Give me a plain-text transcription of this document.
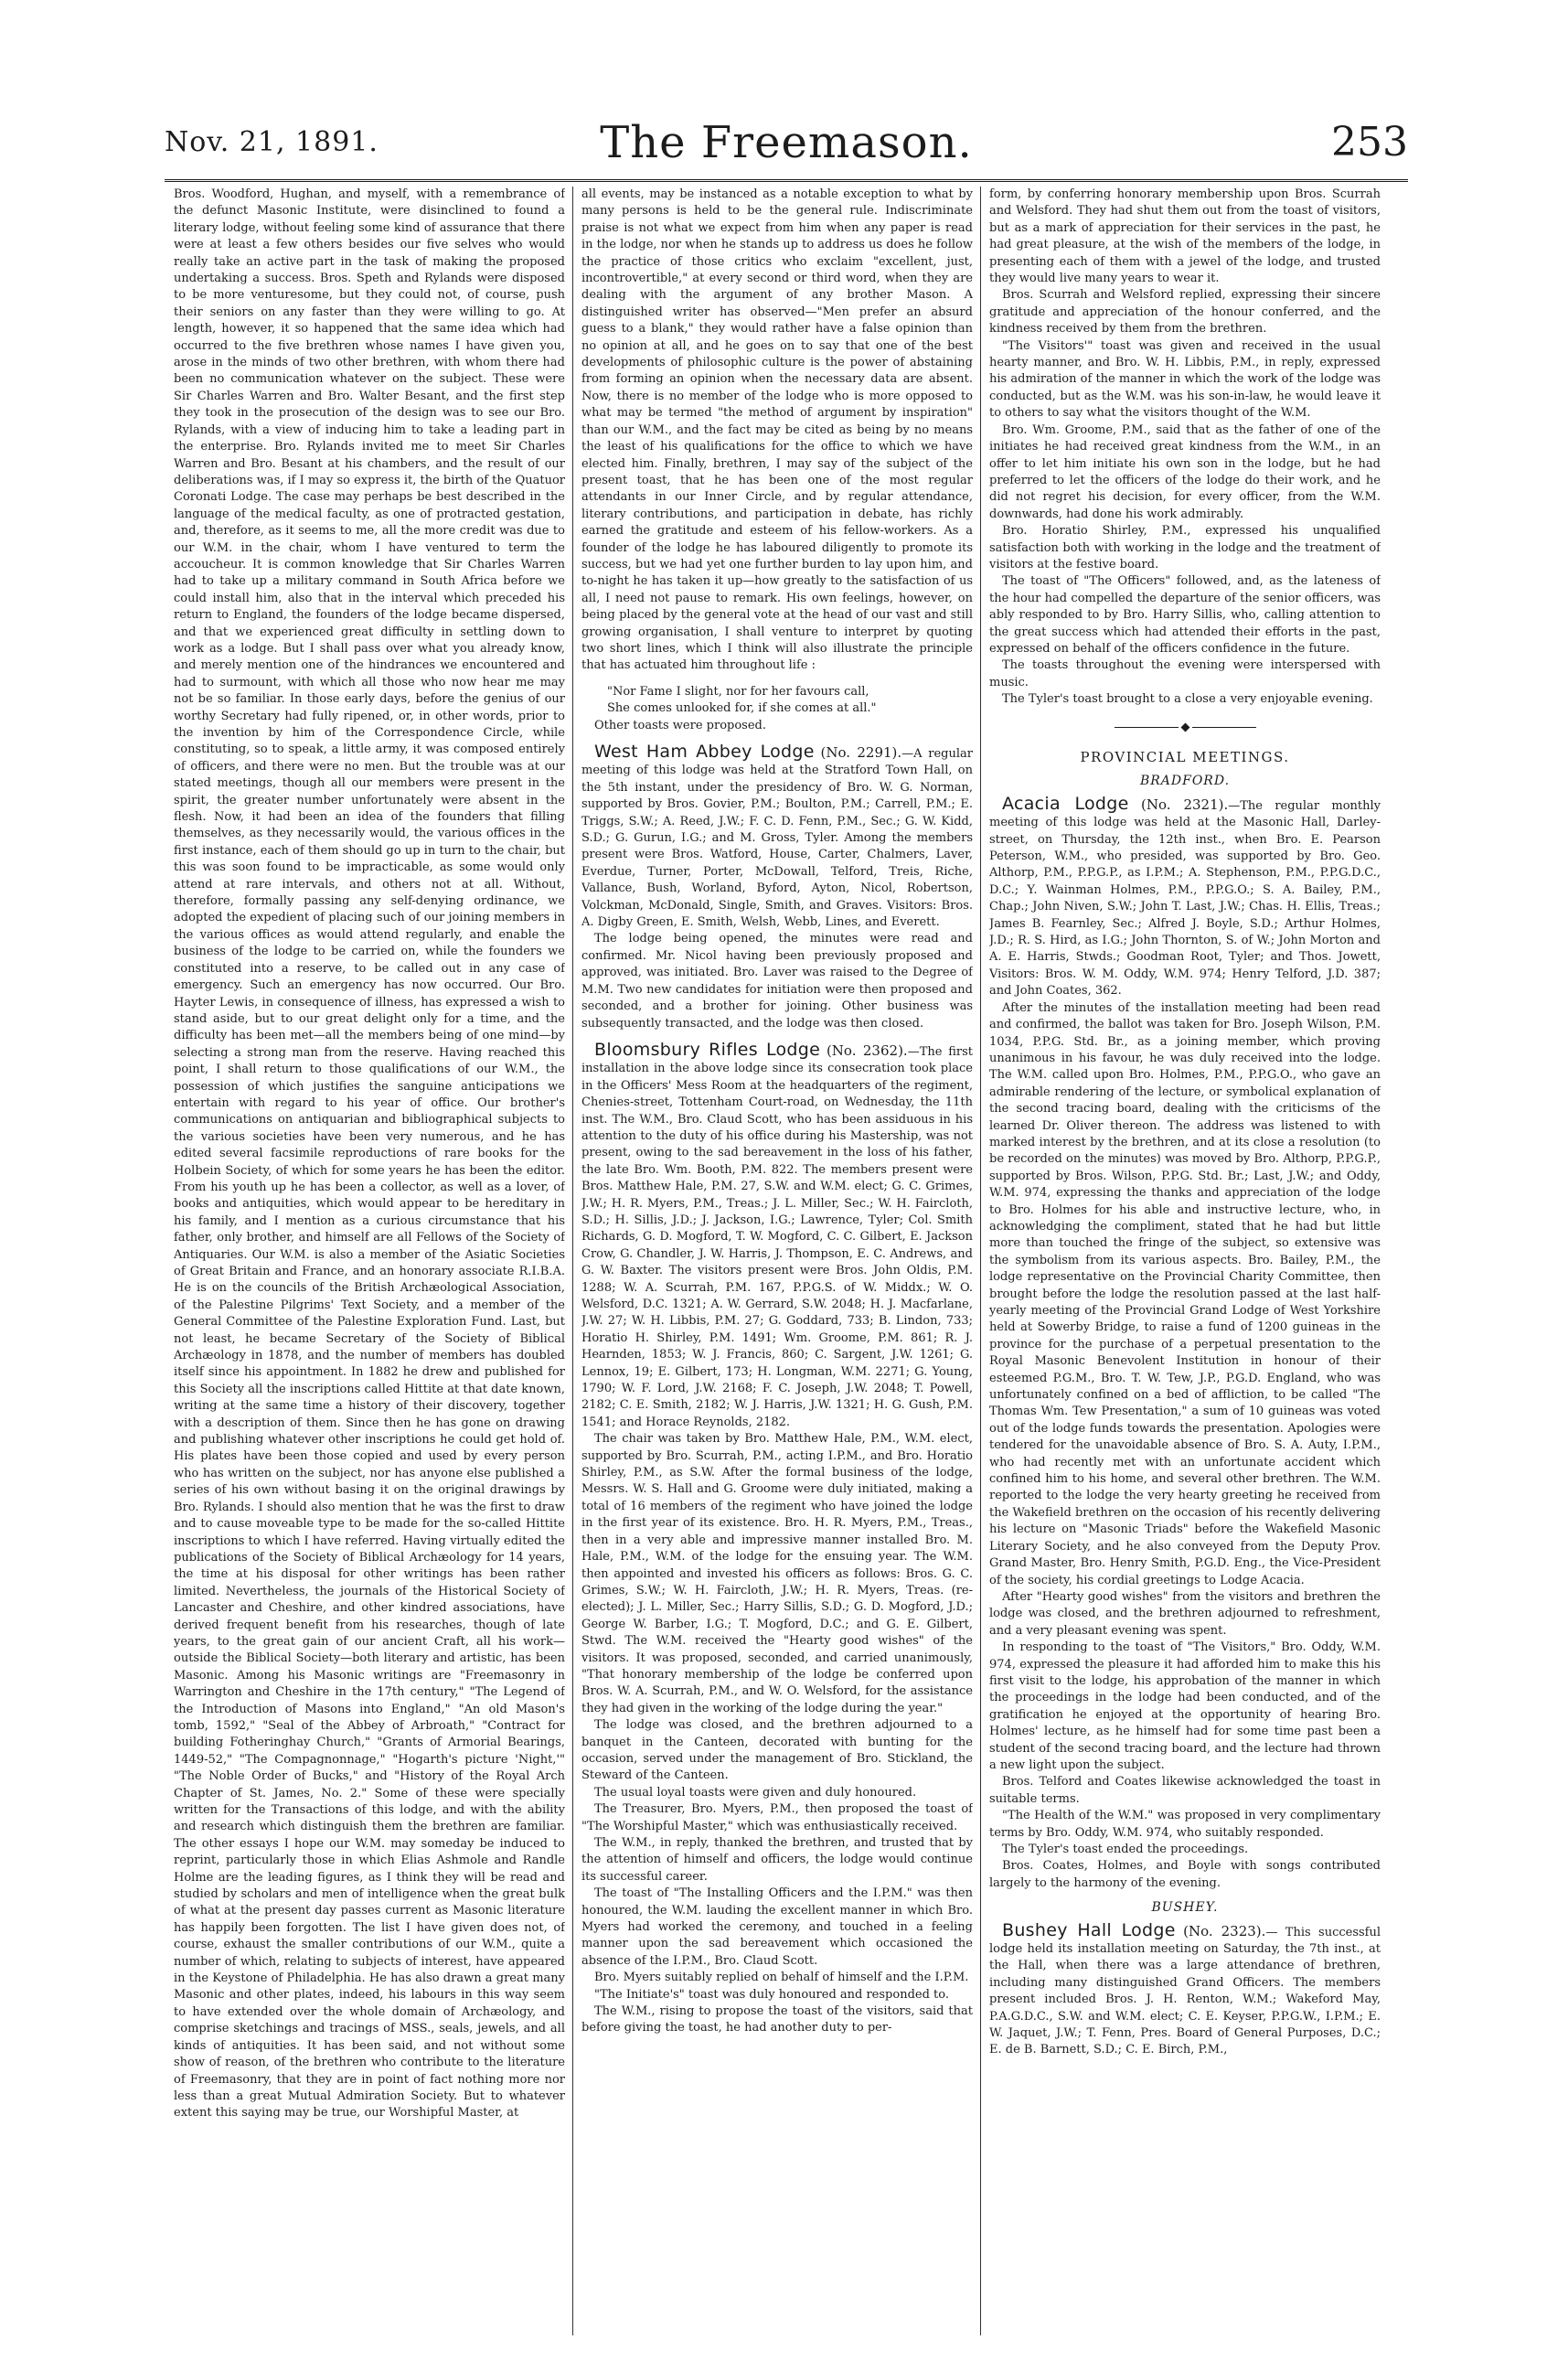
Nov. 21, 1891.	The Freemason.	253

Bros. Woodford, Hughan, and myself, with a remembrance of the defunct Masonic Institute, were disinclined to found a literary lodge, without feeling some kind of assurance that there were at least a few others besides our five selves who would really take an active part in the task of making the proposed undertaking a success. Bros. Speth and Rylands were disposed to be more venturesome, but they could not, of course, push their seniors on any faster than they were willing to go. At length, however, it so happened that the same idea which had occurred to the five brethren whose names I have given you, arose in the minds of two other brethren, with whom there had been no communication whatever on the subject. These were Sir Charles Warren and Bro. Walter Besant, and the first step they took in the prosecution of the design was to see our Bro. Rylands, with a view of inducing him to take a leading part in the enterprise. Bro. Rylands invited me to meet Sir Charles Warren and Bro. Besant at his chambers, and the result of our deliberations was, if I may so express it, the birth of the Quatuor Coronati Lodge. The case may perhaps be best described in the language of the medical faculty, as one of protracted gestation, and, therefore, as it seems to me, all the more credit was due to our W.M. in the chair, whom I have ventured to term the accoucheur. It is common knowledge that Sir Charles Warren had to take up a military command in South Africa before we could install him, also that in the interval which preceded his return to England, the founders of the lodge became dispersed, and that we experienced great difficulty in settling down to work as a lodge. But I shall pass over what you already know, and merely mention one of the hindrances we encountered and had to surmount, with which all those who now hear me may not be so familiar. In those early days, before the genius of our worthy Secretary had fully ripened, or, in other words, prior to the invention by him of the Correspondence Circle, while constituting, so to speak, a little army, it was composed entirely of officers, and there were no men. But the trouble was at our stated meetings, though all our members were present in the spirit, the greater number unfortunately were absent in the flesh. Now, it had been an idea of the founders that filling themselves, as they necessarily would, the various offices in the first instance, each of them should go up in turn to the chair, but this was soon found to be impracticable, as some would only attend at rare intervals, and others not at all. Without, therefore, formally passing any self-denying ordinance, we adopted the expedient of placing such of our joining members in the various offices as would attend regularly, and enable the business of the lodge to be carried on, while the founders we constituted into a reserve, to be called out in any case of emergency. Such an emergency has now occurred. Our Bro. Hayter Lewis, in consequence of illness, has expressed a wish to stand aside, but to our great delight only for a time, and the difficulty has been met—all the members being of one mind—by selecting a strong man from the reserve. Having reached this point, I shall return to those qualifications of our W.M., the possession of which justifies the sanguine anticipations we entertain with regard to his year of office. Our brother's communications on antiquarian and bibliographical subjects to the various societies have been very numerous, and he has edited several facsimile reproductions of rare books for the Holbein Society, of which for some years he has been the editor. From his youth up he has been a collector, as well as a lover, of books and antiquities, which would appear to be hereditary in his family, and I mention as a curious circumstance that his father, only brother, and himself are all Fellows of the Society of Antiquaries. Our W.M. is also a member of the Asiatic Societies of Great Britain and France, and an honorary associate R.I.B.A. He is on the councils of the British Archæological Association, of the Palestine Pilgrims' Text Society, and a member of the General Committee of the Palestine Exploration Fund. Last, but not least, he became Secretary of the Society of Biblical Archæology in 1878, and the number of members has doubled itself since his appointment. In 1882 he drew and published for this Society all the inscriptions called Hittite at that date known, writing at the same time a history of their discovery, together with a description of them. Since then he has gone on drawing and publishing whatever other inscriptions he could get hold of. His plates have been those copied and used by every person who has written on the subject, nor has anyone else published a series of his own without basing it on the original drawings by Bro. Rylands. I should also mention that he was the first to draw and to cause moveable type to be made for the so-called Hittite inscriptions to which I have referred. Having virtually edited the publications of the Society of Biblical Archæology for 14 years, the time at his disposal for other writings has been rather limited. Nevertheless, the journals of the Historical Society of Lancaster and Cheshire, and other kindred associations, have derived frequent benefit from his researches, though of late years, to the great gain of our ancient Craft, all his work—outside the Biblical Society—both literary and artistic, has been Masonic. Among his Masonic writings are "Freemasonry in Warrington and Cheshire in the 17th century," "The Legend of the Introduction of Masons into England," "An old Mason's tomb, 1592," "Seal of the Abbey of Arbroath," "Contract for building Fotheringhay Church," "Grants of Armorial Bearings, 1449-52," "The Compagnonnage," "Hogarth's picture 'Night,'" "The Noble Order of Bucks," and "History of the Royal Arch Chapter of St. James, No. 2." Some of these were specially written for the Transactions of this lodge, and with the ability and research which distinguish them the brethren are familiar. The other essays I hope our W.M. may someday be induced to reprint, particularly those in which Elias Ashmole and Randle Holme are the leading figures, as I think they will be read and studied by scholars and men of intelligence when the great bulk of what at the present day passes current as Masonic literature has happily been forgotten. The list I have given does not, of course, exhaust the smaller contributions of our W.M., quite a number of which, relating to subjects of interest, have appeared in the Keystone of Philadelphia. He has also drawn a great many Masonic and other plates, indeed, his labours in this way seem to have extended over the whole domain of Archæology, and comprise sketchings and tracings of MSS., seals, jewels, and all kinds of antiquities. It has been said, and not without some show of reason, of the brethren who contribute to the literature of Freemasonry, that they are in point of fact nothing more nor less than a great Mutual Admiration Society. But to whatever extent this saying may be true, our Worshipful Master, at

all events, may be instanced as a notable exception to what by many persons is held to be the general rule. Indiscriminate praise is not what we expect from him when any paper is read in the lodge, nor when he stands up to address us does he follow the practice of those critics who exclaim "excellent, just, incontrovertible," at every second or third word, when they are dealing with the argument of any brother Mason. A distinguished writer has observed—"Men prefer an absurd guess to a blank," they would rather have a false opinion than no opinion at all, and he goes on to say that one of the best developments of philosophic culture is the power of abstaining from forming an opinion when the necessary data are absent. Now, there is no member of the lodge who is more opposed to what may be termed "the method of argument by inspiration" than our W.M., and the fact may be cited as being by no means the least of his qualifications for the office to which we have elected him. Finally, brethren, I may say of the subject of the present toast, that he has been one of the most regular attendants in our Inner Circle, and by regular attendance, literary contributions, and participation in debate, has richly earned the gratitude and esteem of his fellow-workers. As a founder of the lodge he has laboured diligently to promote its success, but we had yet one further burden to lay upon him, and to-night he has taken it up—how greatly to the satisfaction of us all, I need not pause to remark. His own feelings, however, on being placed by the general vote at the head of our vast and still growing organisation, I shall venture to interpret by quoting two short lines, which I think will also illustrate the principle that has actuated him throughout life :

"Nor Fame I slight, nor for her favours call,

She comes unlooked for, if she comes at all."

Other toasts were proposed.

West Ham Abbey Lodge (No. 2291).—A regular meeting of this lodge was held at the Stratford Town Hall, on the 5th instant, under the presidency of Bro. W. G. Norman, supported by Bros. Govier, P.M.; Boulton, P.M.; Carrell, P.M.; E. Triggs, S.W.; A. Reed, J.W.; F. C. D. Fenn, P.M., Sec.; G. W. Kidd, S.D.; G. Gurun, I.G.; and M. Gross, Tyler. Among the members present were Bros. Watford, House, Carter, Chalmers, Laver, Everdue, Turner, Porter, McDowall, Telford, Treis, Riche, Vallance, Bush, Worland, Byford, Ayton, Nicol, Robertson, Volckman, McDonald, Single, Smith, and Graves. Visitors: Bros. A. Digby Green, E. Smith, Welsh, Webb, Lines, and Everett.

The lodge being opened, the minutes were read and confirmed. Mr. Nicol having been previously proposed and approved, was initiated. Bro. Laver was raised to the Degree of M.M. Two new candidates for initiation were then proposed and seconded, and a brother for joining. Other business was subsequently transacted, and the lodge was then closed.

Bloomsbury Rifles Lodge (No. 2362).—The first installation in the above lodge since its consecration took place in the Officers' Mess Room at the headquarters of the regiment, Chenies-street, Tottenham Court-road, on Wednesday, the 11th inst. The W.M., Bro. Claud Scott, who has been assiduous in his attention to the duty of his office during his Mastership, was not present, owing to the sad bereavement in the loss of his father, the late Bro. Wm. Booth, P.M. 822. The members present were Bros. Matthew Hale, P.M. 27, S.W. and W.M. elect; G. C. Grimes, J.W.; H. R. Myers, P.M., Treas.; J. L. Miller, Sec.; W. H. Faircloth, S.D.; H. Sillis, J.D.; J. Jackson, I.G.; Lawrence, Tyler; Col. Smith Richards, G. D. Mogford, T. W. Mogford, C. C. Gilbert, E. Jackson Crow, G. Chandler, J. W. Harris, J. Thompson, E. C. Andrews, and G. W. Baxter. The visitors present were Bros. John Oldis, P.M. 1288; W. A. Scurrah, P.M. 167, P.P.G.S. of W. Middx.; W. O. Welsford, D.C. 1321; A. W. Gerrard, S.W. 2048; H. J. Macfarlane, J.W. 27; W. H. Libbis, P.M. 27; G. Goddard, 733; B. Lindon, 733; Horatio H. Shirley, P.M. 1491; Wm. Groome, P.M. 861; R. J. Hearnden, 1853; W. J. Francis, 860; C. Sargent, J.W. 1261; G. Lennox, 19; E. Gilbert, 173; H. Longman, W.M. 2271; G. Young, 1790; W. F. Lord, J.W. 2168; F. C. Joseph, J.W. 2048; T. Powell, 2182; C. E. Smith, 2182; W. J. Harris, J.W. 1321; H. G. Gush, P.M. 1541; and Horace Reynolds, 2182.

The chair was taken by Bro. Matthew Hale, P.M., W.M. elect, supported by Bro. Scurrah, P.M., acting I.P.M., and Bro. Horatio Shirley, P.M., as S.W. After the formal business of the lodge, Messrs. W. S. Hall and G. Groome were duly initiated, making a total of 16 members of the regiment who have joined the lodge in the first year of its existence. Bro. H. R. Myers, P.M., Treas., then in a very able and impressive manner installed Bro. M. Hale, P.M., W.M. of the lodge for the ensuing year. The W.M. then appointed and invested his officers as follows: Bros. G. C. Grimes, S.W.; W. H. Faircloth, J.W.; H. R. Myers, Treas. (re-elected); J. L. Miller, Sec.; Harry Sillis, S.D.; G. D. Mogford, J.D.; George W. Barber, I.G.; T. Mogford, D.C.; and G. E. Gilbert, Stwd. The W.M. received the "Hearty good wishes" of the visitors. It was proposed, seconded, and carried unanimously, "That honorary membership of the lodge be conferred upon Bros. W. A. Scurrah, P.M., and W. O. Welsford, for the assistance they had given in the working of the lodge during the year."

The lodge was closed, and the brethren adjourned to a banquet in the Canteen, decorated with bunting for the occasion, served under the management of Bro. Stickland, the Steward of the Canteen.

The usual loyal toasts were given and duly honoured.

The Treasurer, Bro. Myers, P.M., then proposed the toast of "The Worshipful Master," which was enthusiastically received.

The W.M., in reply, thanked the brethren, and trusted that by the attention of himself and officers, the lodge would continue its successful career.

The toast of "The Installing Officers and the I.P.M." was then honoured, the W.M. lauding the excellent manner in which Bro. Myers had worked the ceremony, and touched in a feeling manner upon the sad bereavement which occasioned the absence of the I.P.M., Bro. Claud Scott.

Bro. Myers suitably replied on behalf of himself and the I.P.M.

"The Initiate's" toast was duly honoured and responded to.

The W.M., rising to propose the toast of the visitors, said that before giving the toast, he had another duty to per-

form, by conferring honorary membership upon Bros. Scurrah and Welsford. They had shut them out from the toast of visitors, but as a mark of appreciation for their services in the past, he had great pleasure, at the wish of the members of the lodge, in presenting each of them with a jewel of the lodge, and trusted they would live many years to wear it.

Bros. Scurrah and Welsford replied, expressing their sincere gratitude and appreciation of the honour conferred, and the kindness received by them from the brethren.

"The Visitors'" toast was given and received in the usual hearty manner, and Bro. W. H. Libbis, P.M., in reply, expressed his admiration of the manner in which the work of the lodge was conducted, but as the W.M. was his son-in-law, he would leave it to others to say what the visitors thought of the W.M.

Bro. Wm. Groome, P.M., said that as the father of one of the initiates he had received great kindness from the W.M., in an offer to let him initiate his own son in the lodge, but he had preferred to let the officers of the lodge do their work, and he did not regret his decision, for every officer, from the W.M. downwards, had done his work admirably.

Bro. Horatio Shirley, P.M., expressed his unqualified satisfaction both with working in the lodge and the treatment of visitors at the festive board.

The toast of "The Officers" followed, and, as the lateness of the hour had compelled the departure of the senior officers, was ably responded to by Bro. Harry Sillis, who, calling attention to the great success which had attended their efforts in the past, expressed on behalf of the officers confidence in the future.

The toasts throughout the evening were interspersed with music.

The Tyler's toast brought to a close a very enjoyable evening.

PROVINCIAL MEETINGS.

BRADFORD.

Acacia Lodge (No. 2321).—The regular monthly meeting of this lodge was held at the Masonic Hall, Darley-street, on Thursday, the 12th inst., when Bro. E. Pearson Peterson, W.M., who presided, was supported by Bro. Geo. Althorp, P.M., P.P.G.P., as I.P.M.; A. Stephenson, P.M., P.P.G.D.C., D.C.; Y. Wainman Holmes, P.M., P.P.G.O.; S. A. Bailey, P.M., Chap.; John Niven, S.W.; John T. Last, J.W.; Chas. H. Ellis, Treas.; James B. Fearnley, Sec.; Alfred J. Boyle, S.D.; Arthur Holmes, J.D.; R. S. Hird, as I.G.; John Thornton, S. of W.; John Morton and A. E. Harris, Stwds.; Goodman Root, Tyler; and Thos. Jowett, Visitors: Bros. W. M. Oddy, W.M. 974; Henry Telford, J.D. 387; and John Coates, 362.

After the minutes of the installation meeting had been read and confirmed, the ballot was taken for Bro. Joseph Wilson, P.M. 1034, P.P.G. Std. Br., as a joining member, which proving unanimous in his favour, he was duly received into the lodge. The W.M. called upon Bro. Holmes, P.M., P.P.G.O., who gave an admirable rendering of the lecture, or symbolical explanation of the second tracing board, dealing with the criticisms of the learned Dr. Oliver thereon. The address was listened to with marked interest by the brethren, and at its close a resolution (to be recorded on the minutes) was moved by Bro. Althorp, P.P.G.P., supported by Bros. Wilson, P.P.G. Std. Br.; Last, J.W.; and Oddy, W.M. 974, expressing the thanks and appreciation of the lodge to Bro. Holmes for his able and instructive lecture, who, in acknowledging the compliment, stated that he had but little more than touched the fringe of the subject, so extensive was the symbolism from its various aspects. Bro. Bailey, P.M., the lodge representative on the Provincial Charity Committee, then brought before the lodge the resolution passed at the last half-yearly meeting of the Provincial Grand Lodge of West Yorkshire held at Sowerby Bridge, to raise a fund of 1200 guineas in the province for the purchase of a perpetual presentation to the Royal Masonic Benevolent Institution in honour of their esteemed P.G.M., Bro. T. W. Tew, J.P., P.G.D. England, who was unfortunately confined on a bed of affliction, to be called "The Thomas Wm. Tew Presentation," a sum of 10 guineas was voted out of the lodge funds towards the presentation. Apologies were tendered for the unavoidable absence of Bro. S. A. Auty, I.P.M., who had recently met with an unfortunate accident which confined him to his home, and several other brethren. The W.M. reported to the lodge the very hearty greeting he received from the Wakefield brethren on the occasion of his recently delivering his lecture on "Masonic Triads" before the Wakefield Masonic Literary Society, and he also conveyed from the Deputy Prov. Grand Master, Bro. Henry Smith, P.G.D. Eng., the Vice-President of the society, his cordial greetings to Lodge Acacia.

After "Hearty good wishes" from the visitors and brethren the lodge was closed, and the brethren adjourned to refreshment, and a very pleasant evening was spent.

In responding to the toast of "The Visitors," Bro. Oddy, W.M. 974, expressed the pleasure it had afforded him to make this his first visit to the lodge, his approbation of the manner in which the proceedings in the lodge had been conducted, and of the gratification he enjoyed at the opportunity of hearing Bro. Holmes' lecture, as he himself had for some time past been a student of the second tracing board, and the lecture had thrown a new light upon the subject.

Bros. Telford and Coates likewise acknowledged the toast in suitable terms.

"The Health of the W.M." was proposed in very complimentary terms by Bro. Oddy, W.M. 974, who suitably responded.

The Tyler's toast ended the proceedings.

Bros. Coates, Holmes, and Boyle with songs contributed largely to the harmony of the evening.

BUSHEY.

Bushey Hall Lodge (No. 2323).— This successful lodge held its installation meeting on Saturday, the 7th inst., at the Hall, when there was a large attendance of brethren, including many distinguished Grand Officers. The members present included Bros. J. H. Renton, W.M.; Wakeford May, P.A.G.D.C., S.W. and W.M. elect; C. E. Keyser, P.P.G.W., I.P.M.; E. W. Jaquet, J.W.; T. Fenn, Pres. Board of General Purposes, D.C.; E. de B. Barnett, S.D.; C. E. Birch, P.M.,
